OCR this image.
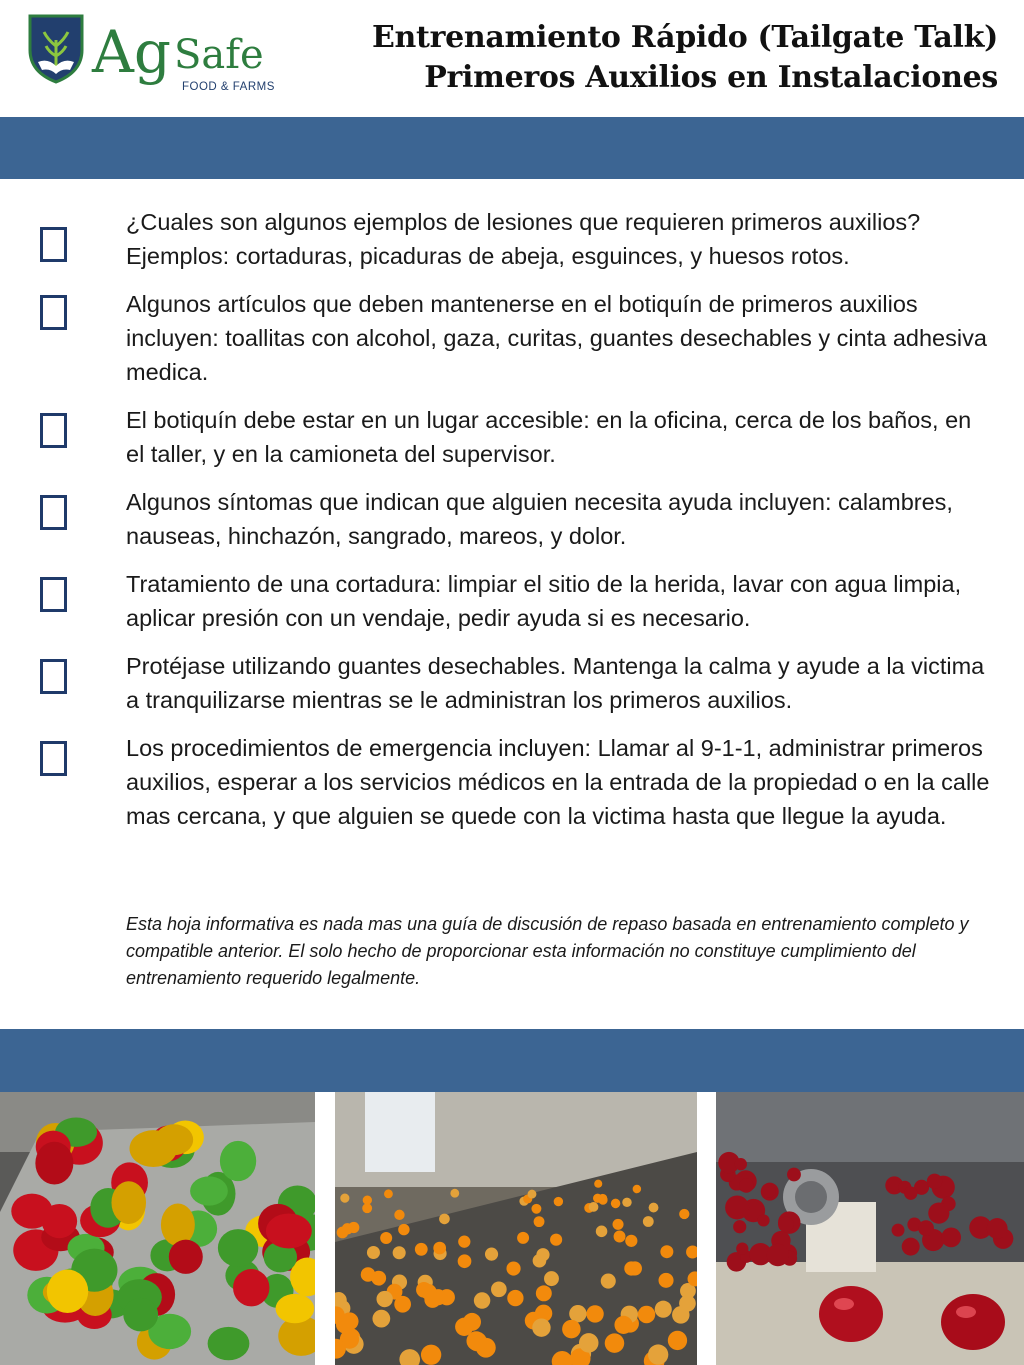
Ag Safe
FOOD & FARMS
Entrenamiento Rápido (Tailgate Talk)
Primeros Auxilios en Instalaciones
¿Cuales son algunos ejemplos de lesiones que requieren primeros auxilios? Ejemplos: cortaduras, picaduras de abeja, esguinces, y huesos rotos.
Algunos artículos que deben mantenerse en el botiquín de primeros auxilios incluyen: toallitas con alcohol, gaza, curitas, guantes desechables y cinta adhesiva medica.
El botiquín debe estar en un lugar accesible: en la oficina, cerca de los baños, en el taller, y en la camioneta del supervisor.
Algunos síntomas que indican que alguien necesita ayuda incluyen: calambres, nauseas, hinchazón, sangrado, mareos, y dolor.
Tratamiento de una cortadura: limpiar el sitio de la herida, lavar con agua limpia, aplicar presión con un vendaje, pedir ayuda si es necesario.
Protéjase utilizando guantes desechables. Mantenga la calma y ayude a la victima a tranquilizarse mientras se le administran los primeros auxilios.
Los procedimientos de emergencia incluyen: Llamar al 9-1-1, administrar primeros auxilios, esperar a los servicios médicos en la entrada de la propiedad o en la calle mas cercana, y que alguien se quede con la victima hasta que llegue la ayuda.
Esta hoja informativa es nada mas una guía de discusión de repaso basada en entrenamiento completo y compatible anterior. El solo hecho de proporcionar esta información no constituye cumplimiento del entrenamiento requerido legalmente.
